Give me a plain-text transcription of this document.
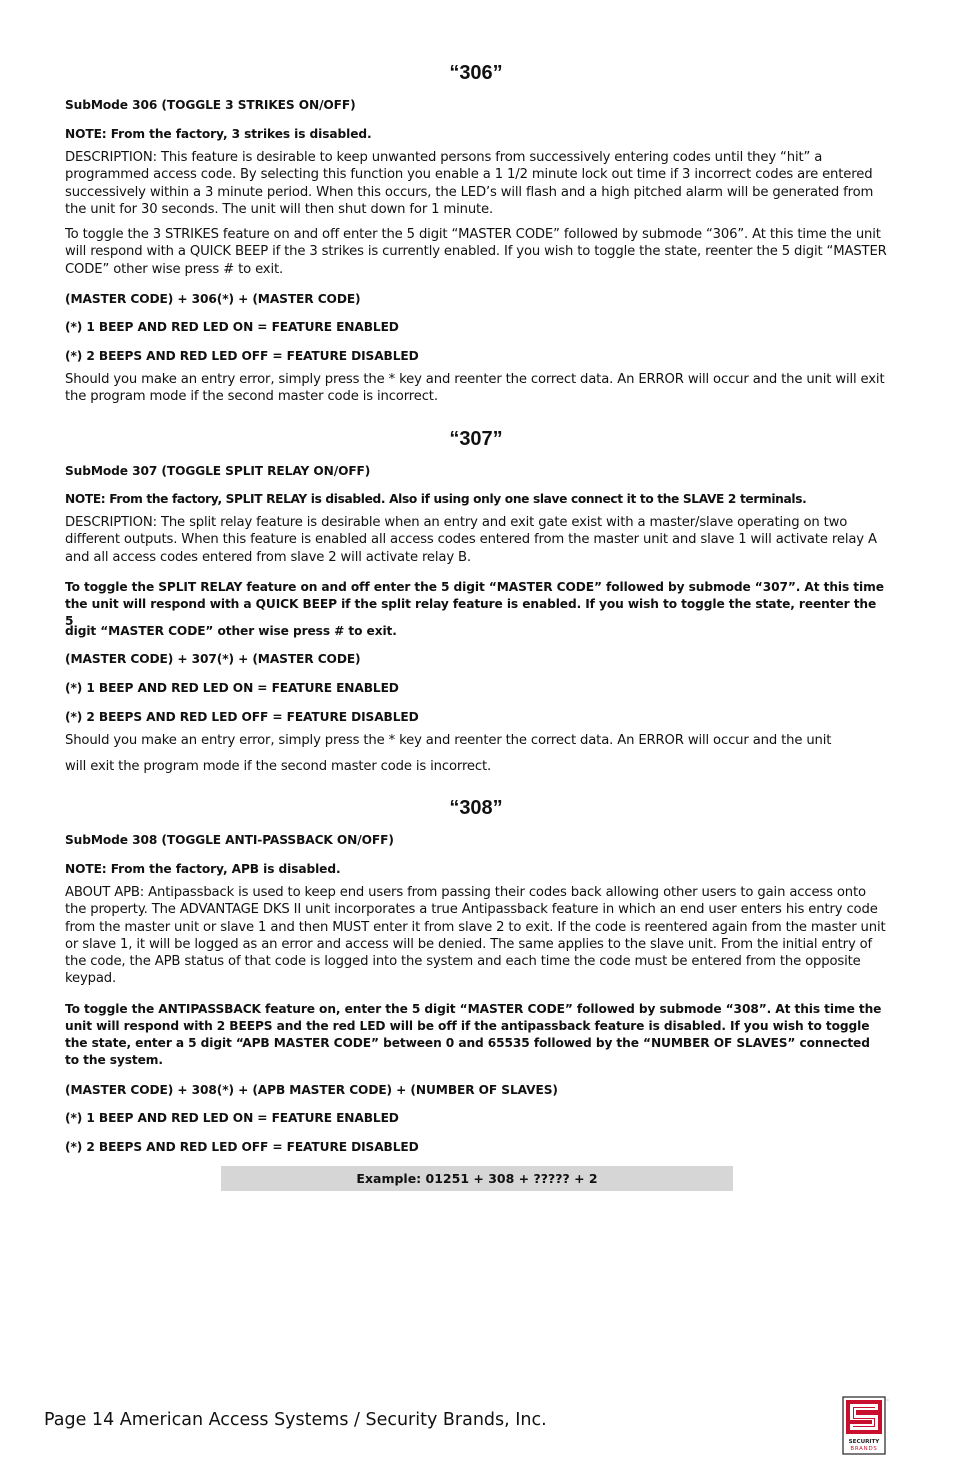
“306”

SubMode 306 (TOGGLE 3 STRIKES ON/OFF)

NOTE: From the factory, 3 strikes is disabled.

DESCRIPTION: This feature is desirable to keep unwanted persons from successively entering codes until they “hit” a programmed access code. By selecting this function you enable a 1 1/2 minute lock out time if 3 incorrect codes are entered successively within a 3 minute period. When this occurs, the LED’s will flash and a high pitched alarm will be generated from the unit for 30 seconds. The unit will then shut down for 1 minute.

To toggle the 3 STRIKES feature on and off enter the 5 digit “MASTER CODE” followed by submode “306”. At this time the unit will respond with a QUICK BEEP if the 3 strikes is currently enabled. If you wish to toggle the state, reenter the 5 digit “MASTER CODE” other wise press # to exit.

(MASTER CODE) + 306(*) + (MASTER CODE)

(*) 1 BEEP AND RED LED ON = FEATURE ENABLED

(*) 2 BEEPS AND RED LED OFF = FEATURE DISABLED

Should you make an entry error, simply press the * key and reenter the correct data. An ERROR will occur and the unit will exit the program mode if the second master code is incorrect.

“307”

SubMode 307 (TOGGLE SPLIT RELAY ON/OFF)

NOTE: From the factory, SPLIT RELAY is disabled. Also if using only one slave connect it to the SLAVE 2 terminals.

DESCRIPTION: The split relay feature is desirable when an entry and exit gate exist with a master/slave operating on two different outputs. When this feature is enabled all access codes entered from the master unit and slave 1 will activate relay A and all access codes entered from slave 2 will activate relay B.

To toggle the SPLIT RELAY feature on and off enter the 5 digit “MASTER CODE” followed by submode “307”. At this time the unit will respond with a QUICK BEEP if the split relay feature is enabled. If you wish to toggle the state, reenter the 5

digit “MASTER CODE” other wise press # to exit.

(MASTER CODE) + 307(*) + (MASTER CODE)

(*) 1 BEEP AND RED LED ON = FEATURE ENABLED

(*) 2 BEEPS AND RED LED OFF = FEATURE DISABLED

Should you make an entry error, simply press the * key and reenter the correct data. An ERROR will occur and the unit

will exit the program mode if the second master code is incorrect.

“308”

SubMode 308 (TOGGLE ANTI-PASSBACK ON/OFF)

NOTE: From the factory, APB is disabled.

ABOUT APB: Antipassback is used to keep end users from passing their codes back allowing other users to gain access onto the property. The ADVANTAGE DKS II unit incorporates a true Antipassback feature in which an end user enters his entry code from the master unit or slave 1 and then MUST enter it from slave 2 to exit. If the code is reentered again from the master unit or slave 1, it will be logged as an error and access will be denied. The same applies to the slave unit. From the initial entry of the code, the APB status of that code is logged into the system and each time the code must be entered from the opposite keypad.

To toggle the ANTIPASSBACK feature on, enter the 5 digit “MASTER CODE” followed by submode “308”. At this time the unit will respond with 2 BEEPS and the red LED will be off if the antipassback feature is disabled. If you wish to toggle the state, enter a 5 digit “APB MASTER CODE” between 0 and 65535 followed by the “NUMBER OF SLAVES” connected to the system.

(MASTER CODE) + 308(*) + (APB MASTER CODE) + (NUMBER OF SLAVES)

(*) 1 BEEP AND RED LED ON = FEATURE ENABLED

(*) 2 BEEPS AND RED LED OFF = FEATURE DISABLED

Example: 01251 + 308 + ????? + 2
Page 14 American Access Systems / Security Brands, Inc.
SECURITY
BRANDS
™
